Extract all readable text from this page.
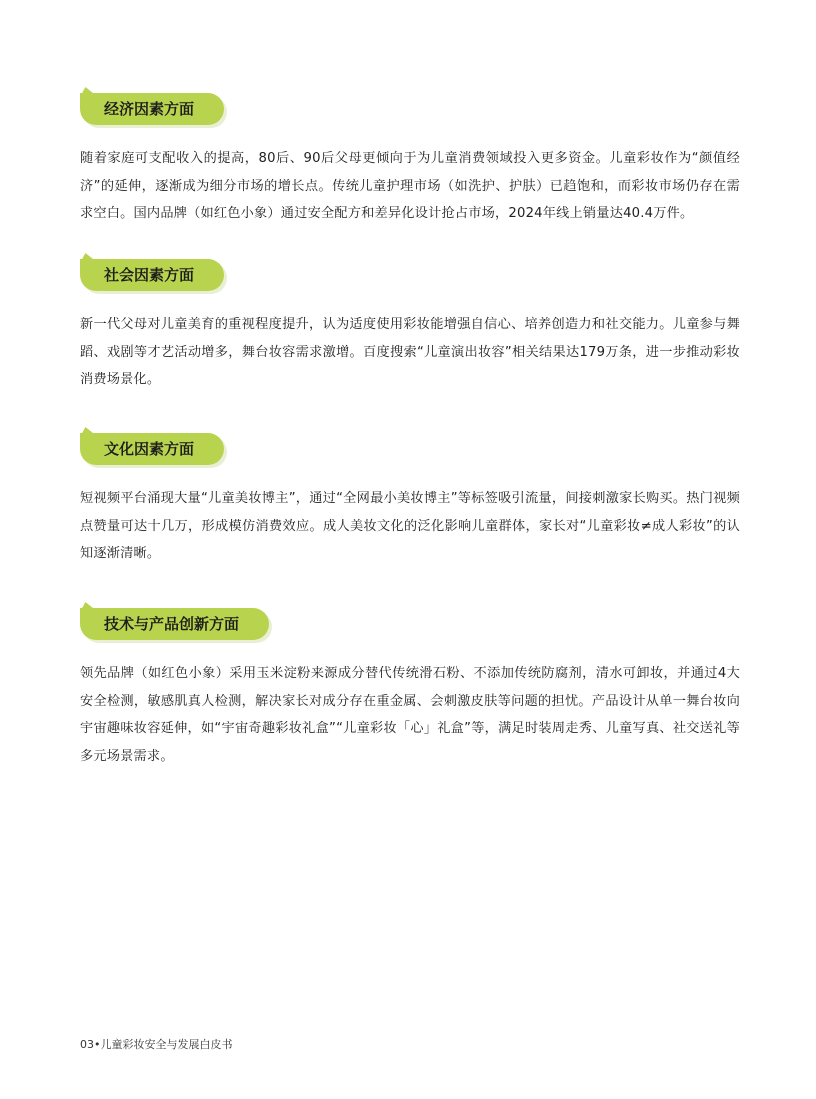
经济因素方面

随着家庭可支配收入的提高，80后、90后父母更倾向于为儿童消费领域投入更多资金。儿童彩妆作为“颜值经济”的延伸，逐渐成为细分市场的增长点。传统儿童护理市场（如洗护、护肤）已趋饱和，而彩妆市场仍存在需求空白。国内品牌（如红色小象）通过安全配方和差异化设计抢占市场，2024年线上销量达40.4万件。

社会因素方面

新一代父母对儿童美育的重视程度提升，认为适度使用彩妆能增强自信心、培养创造力和社交能力。儿童参与舞蹈、戏剧等才艺活动增多，舞台妆容需求激增。百度搜索“儿童演出妆容”相关结果达179万条，进一步推动彩妆消费场景化。

文化因素方面

短视频平台涌现大量“儿童美妆博主”，通过“全网最小美妆博主”等标签吸引流量，间接刺激家长购买。热门视频点赞量可达十几万，形成模仿消费效应。成人美妆文化的泛化影响儿童群体，家长对“儿童彩妆≠成人彩妆”的认知逐渐清晰。

技术与产品创新方面

领先品牌（如红色小象）采用玉米淀粉来源成分替代传统滑石粉、不添加传统防腐剂，清水可卸妆，并通过4大安全检测，敏感肌真人检测，解决家长对成分存在重金属、会刺激皮肤等问题的担忧。产品设计从单一舞台妆向宇宙趣味妆容延伸，如“宇宙奇趣彩妆礼盒”“儿童彩妆「心」礼盒”等，满足时装周走秀、儿童写真、社交送礼等多元场景需求。

03•儿童彩妆安全与发展白皮书
